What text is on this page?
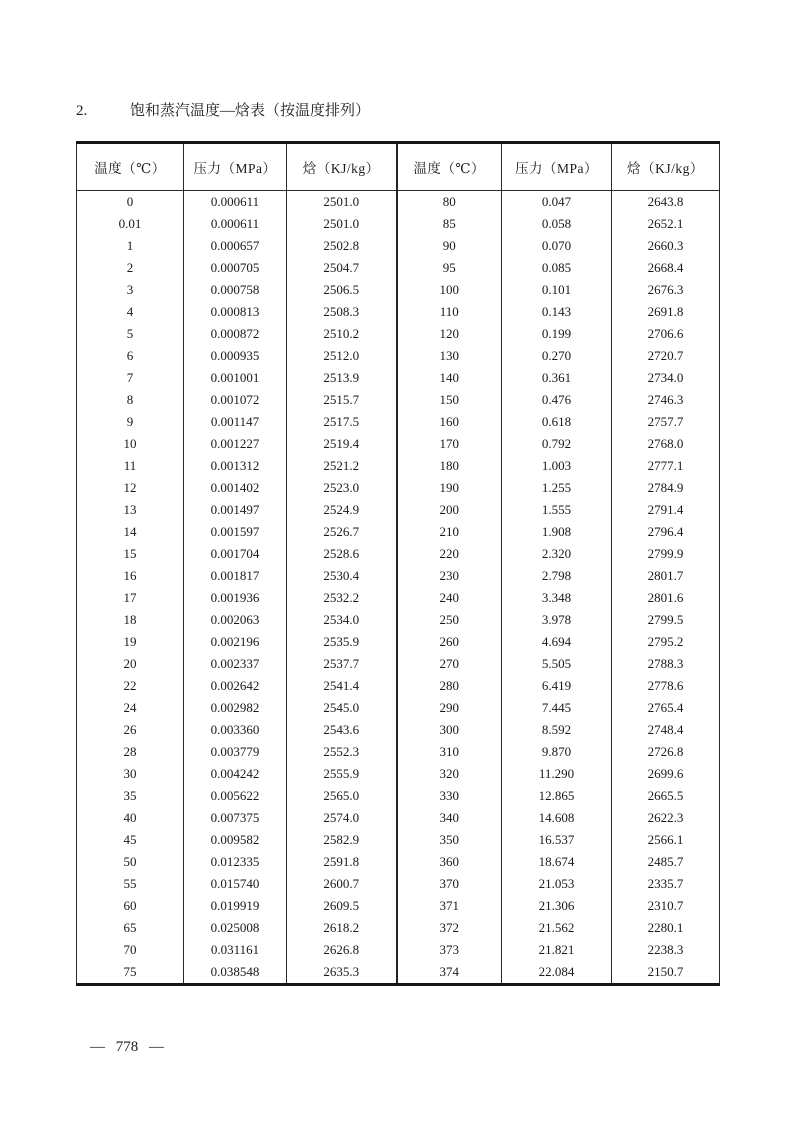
2.	饱和蒸汽温度—焓表（按温度排列）
温度（℃）	压力（MPa）	焓（KJ/kg）	温度（℃）	压力（MPa）	焓（KJ/kg）
0	0.000611	2501.0	80	0.047	2643.8
0.01	0.000611	2501.0	85	0.058	2652.1
1	0.000657	2502.8	90	0.070	2660.3
2	0.000705	2504.7	95	0.085	2668.4
3	0.000758	2506.5	100	0.101	2676.3
4	0.000813	2508.3	110	0.143	2691.8
5	0.000872	2510.2	120	0.199	2706.6
6	0.000935	2512.0	130	0.270	2720.7
7	0.001001	2513.9	140	0.361	2734.0
8	0.001072	2515.7	150	0.476	2746.3
9	0.001147	2517.5	160	0.618	2757.7
10	0.001227	2519.4	170	0.792	2768.0
11	0.001312	2521.2	180	1.003	2777.1
12	0.001402	2523.0	190	1.255	2784.9
13	0.001497	2524.9	200	1.555	2791.4
14	0.001597	2526.7	210	1.908	2796.4
15	0.001704	2528.6	220	2.320	2799.9
16	0.001817	2530.4	230	2.798	2801.7
17	0.001936	2532.2	240	3.348	2801.6
18	0.002063	2534.0	250	3.978	2799.5
19	0.002196	2535.9	260	4.694	2795.2
20	0.002337	2537.7	270	5.505	2788.3
22	0.002642	2541.4	280	6.419	2778.6
24	0.002982	2545.0	290	7.445	2765.4
26	0.003360	2543.6	300	8.592	2748.4
28	0.003779	2552.3	310	9.870	2726.8
30	0.004242	2555.9	320	11.290	2699.6
35	0.005622	2565.0	330	12.865	2665.5
40	0.007375	2574.0	340	14.608	2622.3
45	0.009582	2582.9	350	16.537	2566.1
50	0.012335	2591.8	360	18.674	2485.7
55	0.015740	2600.7	370	21.053	2335.7
60	0.019919	2609.5	371	21.306	2310.7
65	0.025008	2618.2	372	21.562	2280.1
70	0.031161	2626.8	373	21.821	2238.3
75	0.038548	2635.3	374	22.084	2150.7
— 778 —
